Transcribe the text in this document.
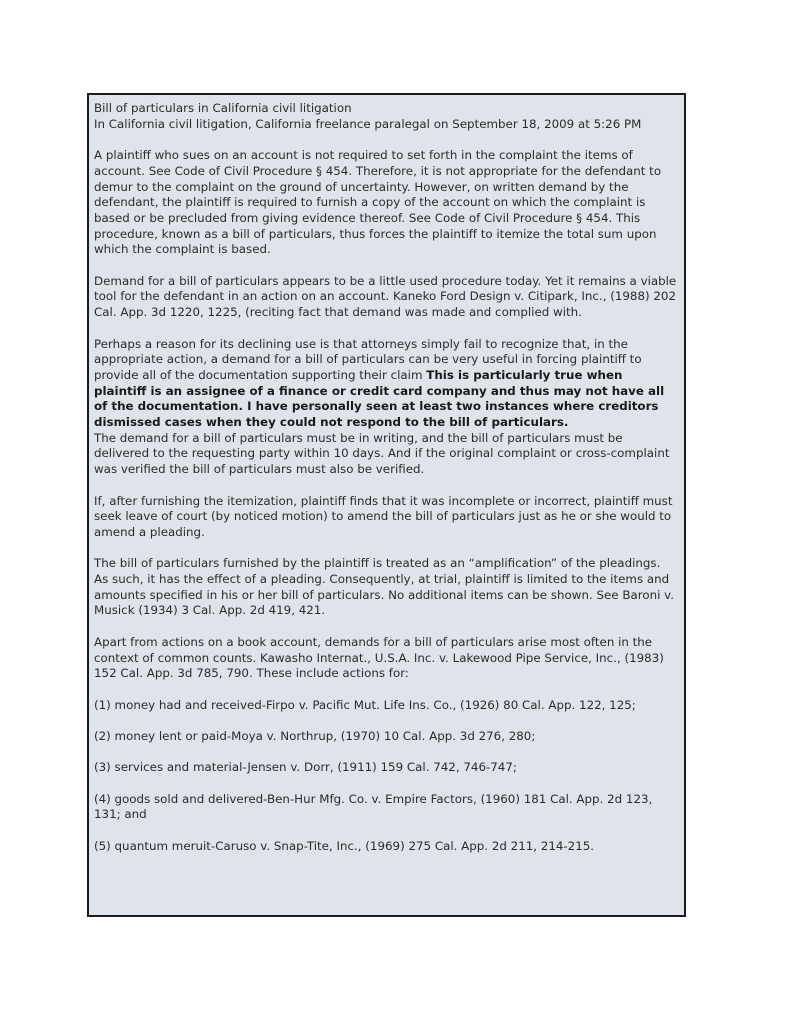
Bill of particulars in California civil litigation
In California civil litigation, California freelance paralegal on September 18, 2009 at 5:26 PM

A plaintiff who sues on an account is not required to set forth in the complaint the items of account. See Code of Civil Procedure § 454. Therefore, it is not appropriate for the defendant to demur to the complaint on the ground of uncertainty. However, on written demand by the defendant, the plaintiff is required to furnish a copy of the account on which the complaint is based or be precluded from giving evidence thereof. See Code of Civil Procedure § 454. This procedure, known as a bill of particulars, thus forces the plaintiff to itemize the total sum upon which the complaint is based.

Demand for a bill of particulars appears to be a little used procedure today. Yet it remains a viable tool for the defendant in an action on an account. Kaneko Ford Design v. Citipark, Inc., (1988) 202 Cal. App. 3d 1220, 1225, (reciting fact that demand was made and complied with.

Perhaps a reason for its declining use is that attorneys simply fail to recognize that, in the appropriate action, a demand for a bill of particulars can be very useful in forcing plaintiff to provide all of the documentation supporting their claim This is particularly true when plaintiff is an assignee of a finance or credit card company and thus may not have all of the documentation. I have personally seen at least two instances where creditors dismissed cases when they could not respond to the bill of particulars.

The demand for a bill of particulars must be in writing, and the bill of particulars must be delivered to the requesting party within 10 days. And if the original complaint or cross-complaint was verified the bill of particulars must also be verified.

If, after furnishing the itemization, plaintiff finds that it was incomplete or incorrect, plaintiff must seek leave of court (by noticed motion) to amend the bill of particulars just as he or she would to amend a pleading.

The bill of particulars furnished by the plaintiff is treated as an “amplification” of the pleadings. As such, it has the effect of a pleading. Consequently, at trial, plaintiff is limited to the items and amounts specified in his or her bill of particulars. No additional items can be shown. See Baroni v. Musick (1934) 3 Cal. App. 2d 419, 421.

Apart from actions on a book account, demands for a bill of particulars arise most often in the context of common counts. Kawasho Internat., U.S.A. Inc. v. Lakewood Pipe Service, Inc., (1983) 152 Cal. App. 3d 785, 790. These include actions for:

(1) money had and received-Firpo v. Pacific Mut. Life Ins. Co., (1926) 80 Cal. App. 122, 125;

(2) money lent or paid-Moya v. Northrup, (1970) 10 Cal. App. 3d 276, 280;

(3) services and material-Jensen v. Dorr, (1911) 159 Cal. 742, 746-747;

(4) goods sold and delivered-Ben-Hur Mfg. Co. v. Empire Factors, (1960) 181 Cal. App. 2d 123, 131; and

(5) quantum meruit-Caruso v. Snap-Tite, Inc., (1969) 275 Cal. App. 2d 211, 214-215.
